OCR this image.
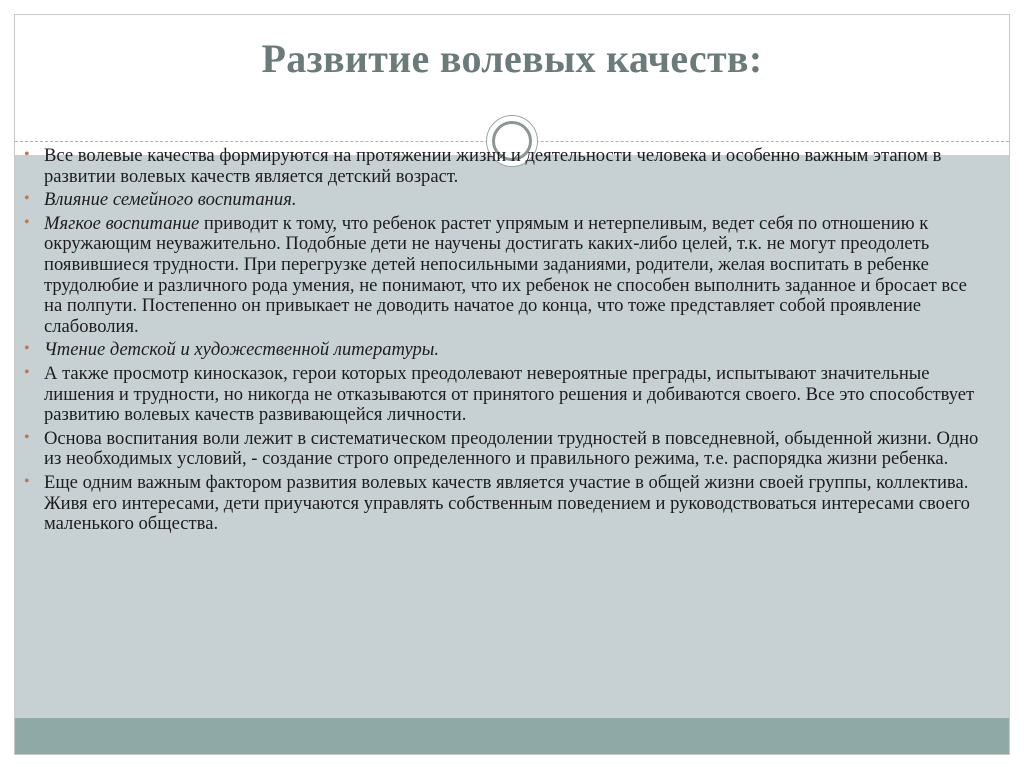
Развитие волевых качеств:
• Все волевые качества формируются на протяжении жизни и деятельности человека и особенно важным этапом в развитии волевых качеств является детский возраст.
• Влияние семейного воспитания.
• Мягкое воспитание приводит к тому, что ребенок растет упрямым и нетерпеливым, ведет себя по отношению к окружающим неуважительно. Подобные дети не научены достигать каких-либо целей, т.к. не могут преодолеть появившиеся трудности. При перегрузке детей непосильными заданиями, родители, желая воспитать в ребенке трудолюбие и различного рода умения, не понимают, что их ребенок не способен выполнить заданное и бросает все на полпути. Постепенно он привыкает не доводить начатое до конца, что тоже представляет собой проявление слабоволия.
• Чтение детской и художественной литературы.
• А также просмотр киносказок, герои которых преодолевают невероятные преграды, испытывают значительные лишения и трудности, но никогда не отказываются от принятого решения и добиваются своего. Все это способствует развитию волевых качеств развивающейся личности.
• Основа воспитания воли лежит в систематическом преодолении трудностей в повседневной, обыденной жизни. Одно из необходимых условий, - создание строго определенного и правильного режима, т.е. распорядка жизни ребенка.
• Еще одним важным фактором развития волевых качеств является участие в общей жизни своей группы, коллектива. Живя его интересами, дети приучаются управлять собственным поведением и руководствоваться интересами своего маленького общества.
